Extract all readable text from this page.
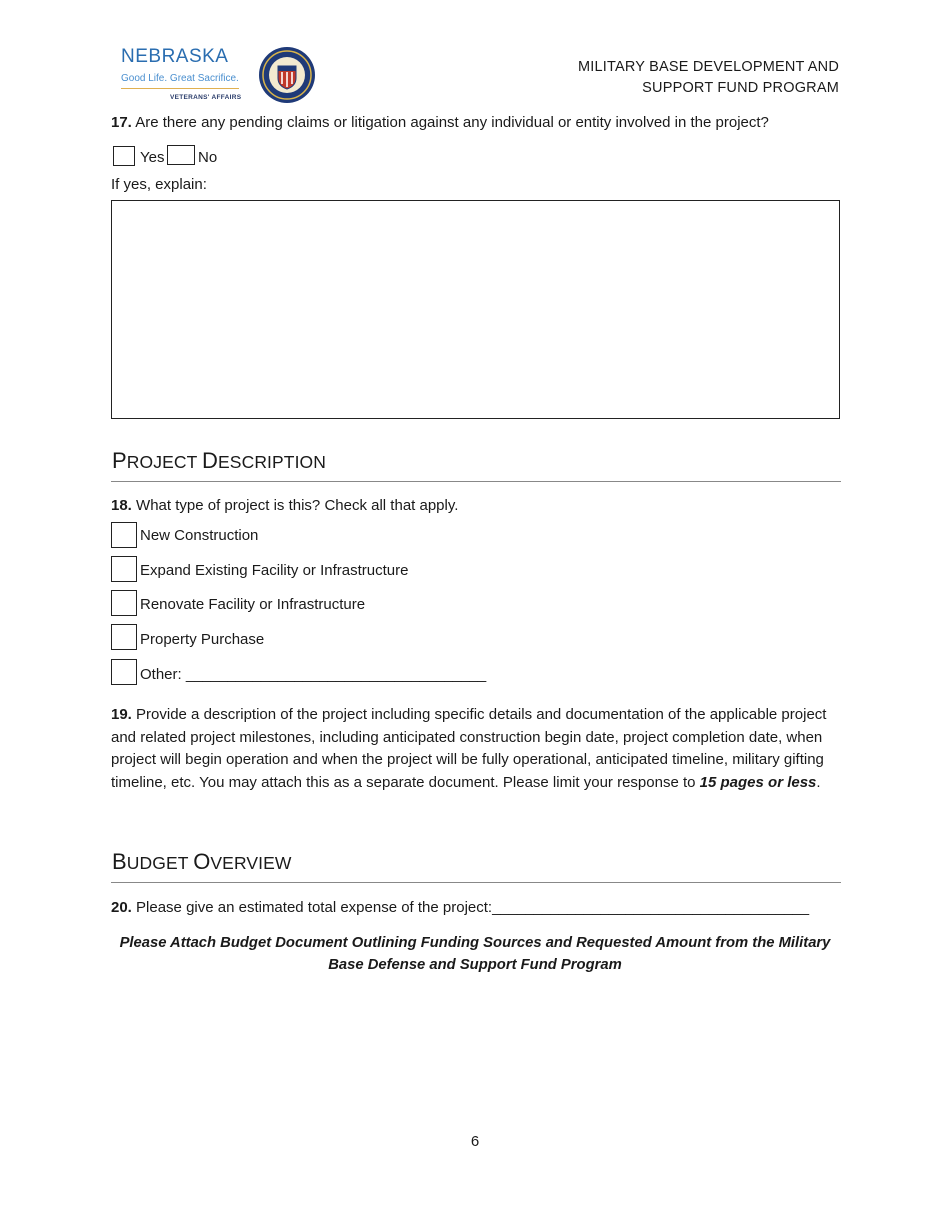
NEBRASKA
Good Life. Great Sacrifice.
VETERANS' AFFAIRS
MILITARY BASE DEVELOPMENT AND
SUPPORT FUND PROGRAM
17. Are there any pending claims or litigation against any individual or entity involved in the project?
Yes No
If yes, explain:
PROJECT DESCRIPTION
18. What type of project is this? Check all that apply.
New Construction
Expand Existing Facility or Infrastructure
Renovate Facility or Infrastructure
Property Purchase
Other: ____________________________________
19. Provide a description of the project including specific details and documentation of the applicable project and related project milestones, including anticipated construction begin date, project completion date, when project will begin operation and when the project will be fully operational, anticipated timeline, military gifting timeline, etc. You may attach this as a separate document. Please limit your response to 15 pages or less.
BUDGET OVERVIEW
20. Please give an estimated total expense of the project:______________________________________
Please Attach Budget Document Outlining Funding Sources and Requested Amount from the Military Base Defense and Support Fund Program
6
